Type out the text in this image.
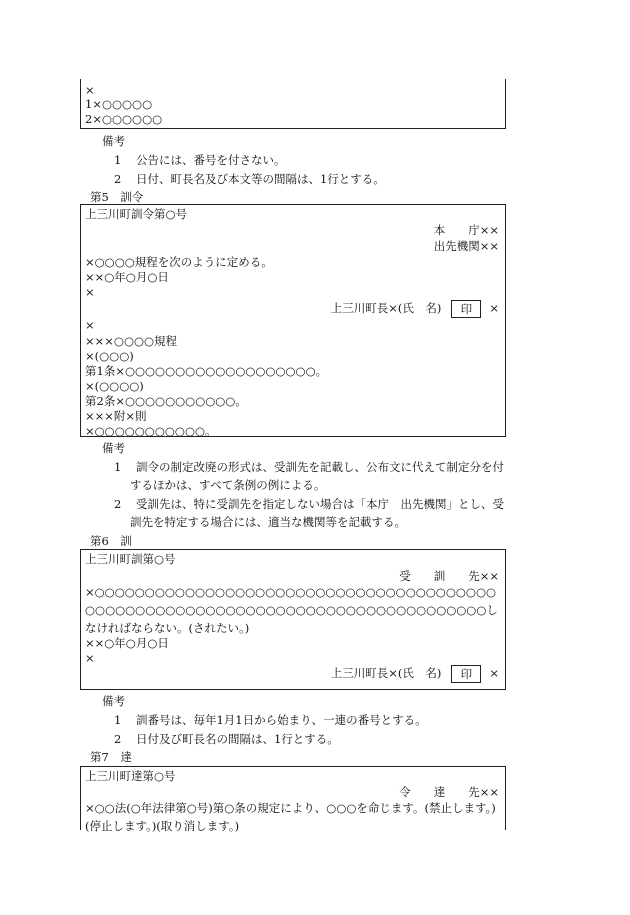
×
1×○○○○○
2×○○○○○○
備考
1 公告には、番号を付さない。
2 日付、町長名及び本文等の間隔は、1行とする。
第5　訓令
上三川町訓令第○号
本　　庁××
出先機関××
×○○○○規程を次のように定める。
××○年○月○日
×
上三川町長×(氏　名)	印	×
×
×××○○○○規程
×(○○○)
第1条×○○○○○○○○○○○○○○○○○○○。
×(○○○○)
第2条×○○○○○○○○○○○。
×××附×則
×○○○○○○○○○○○。
備考
1 訓令の制定改廃の形式は、受訓先を記載し、公布文に代えて制定分を付
するほかは、すべて条例の例による。
2 受訓先は、特に受訓先を指定しない場合は「本庁　出先機関」とし、受
訓先を特定する場合には、適当な機関等を記載する。
第6　訓
上三川町訓第○号
受　　訓　　先××
×○○○○○○○○○○○○○○○○○○○○○○○○○○○○○○○○○○○○○○○○○○○○○○○○○○○○○○○○○○○○○○○○○○○○○○○○○○○○○○○○しなければならない。(されたい。)
××○年○月○日
×
上三川町長×(氏　名)	印	×
備考
1 訓番号は、毎年1月1日から始まり、一連の番号とする。
2 日付及び町長名の間隔は、1行とする。
第7　達
上三川町達第○号
令　　達　　先××
×○○法(○年法律第○号)第○条の規定により、○○○を命じます。(禁止します。)(停止します。)(取り消します。)
